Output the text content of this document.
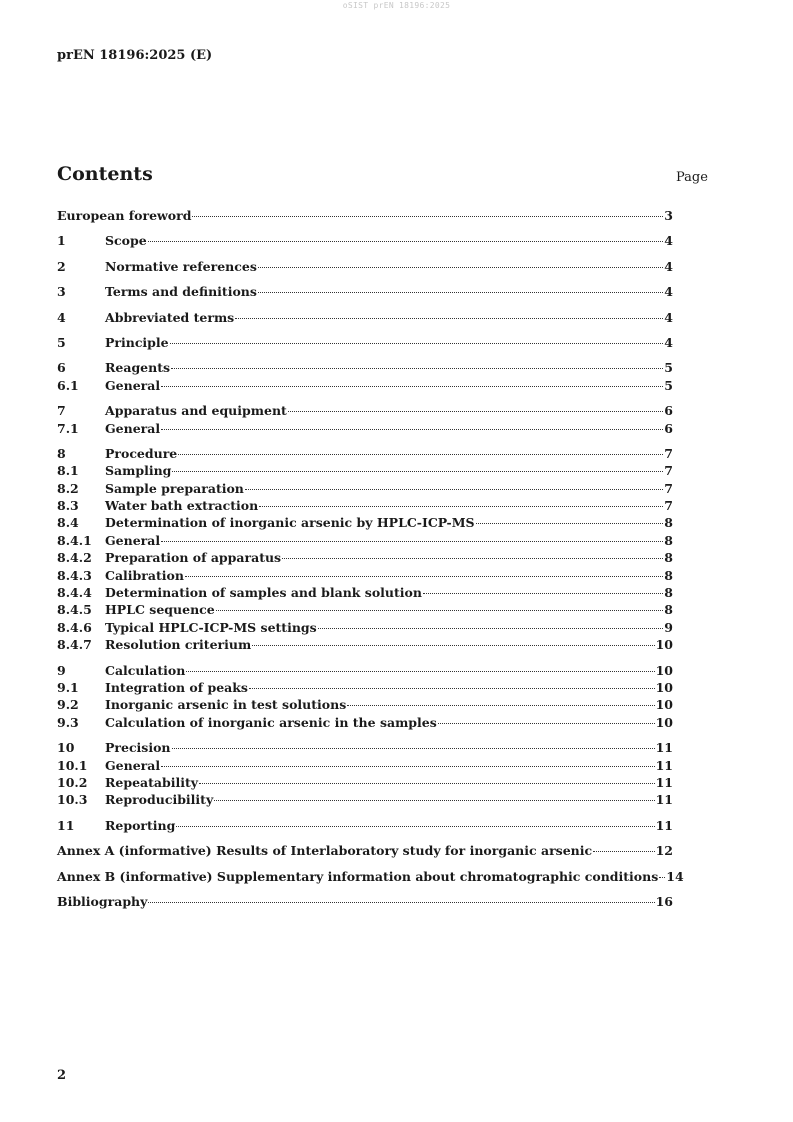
oSIST prEN 18196:2025
prEN 18196:2025 (E)
Contents	Page
European foreword	3
1	Scope	4
2	Normative references	4
3	Terms and definitions	4
4	Abbreviated terms	4
5	Principle	4
6	Reagents	5
6.1	General	5
7	Apparatus and equipment	6
7.1	General	6
8	Procedure	7
8.1	Sampling	7
8.2	Sample preparation	7
8.3	Water bath extraction	7
8.4	Determination of inorganic arsenic by HPLC-ICP-MS	8
8.4.1	General	8
8.4.2	Preparation of apparatus	8
8.4.3	Calibration	8
8.4.4	Determination of samples and blank solution	8
8.4.5	HPLC sequence	8
8.4.6	Typical HPLC-ICP-MS settings	9
8.4.7	Resolution criterium	10
9	Calculation	10
9.1	Integration of peaks	10
9.2	Inorganic arsenic in test solutions	10
9.3	Calculation of inorganic arsenic in the samples	10
10	Precision	11
10.1	General	11
10.2	Repeatability	11
10.3	Reproducibility	11
11	Reporting	11
Annex A (informative) Results of Interlaboratory study for inorganic arsenic	12
Annex B (informative) Supplementary information about chromatographic conditions 14
Bibliography	16
2
